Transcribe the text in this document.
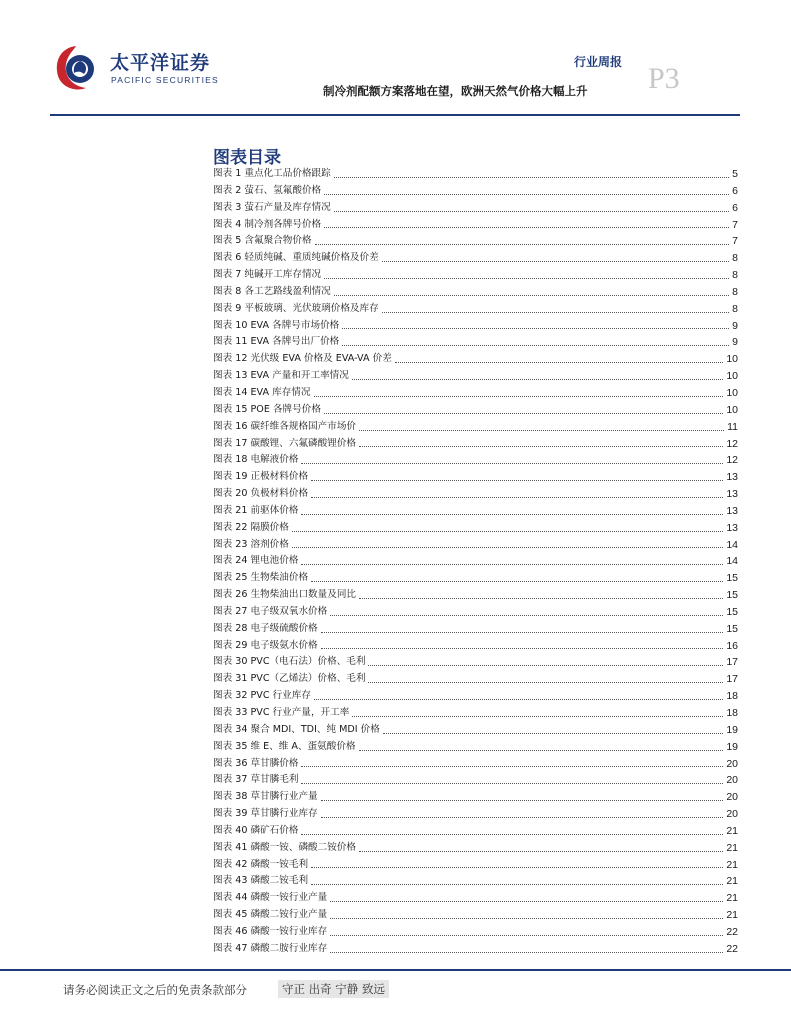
太平洋证券
PACIFIC SECURITIES
行业周报
制冷剂配额方案落地在望，欧洲天然气价格大幅上升 P3
图表目录
图表 1 重点化工品价格跟踪	5
图表 2 萤石、氢氟酸价格	6
图表 3 萤石产量及库存情况	6
图表 4 制冷剂各牌号价格	7
图表 5 含氟聚合物价格	7
图表 6 轻质纯碱、重质纯碱价格及价差	8
图表 7 纯碱开工库存情况	8
图表 8 各工艺路线盈利情况	8
图表 9 平板玻璃、光伏玻璃价格及库存	8
图表 10 EVA 各牌号市场价格	9
图表 11 EVA 各牌号出厂价格	9
图表 12 光伏级 EVA 价格及 EVA-VA 价差	10
图表 13 EVA 产量和开工率情况	10
图表 14 EVA 库存情况	10
图表 15 POE 各牌号价格	10
图表 16 碳纤维各规格国产市场价	11
图表 17 碳酸锂、六氟磷酸锂价格	12
图表 18 电解液价格	12
图表 19 正极材料价格	13
图表 20 负极材料价格	13
图表 21 前驱体价格	13
图表 22 隔膜价格	13
图表 23 溶剂价格	14
图表 24 锂电池价格	14
图表 25 生物柴油价格	15
图表 26 生物柴油出口数量及同比	15
图表 27 电子级双氧水价格	15
图表 28 电子级硫酸价格	15
图表 29 电子级氨水价格	16
图表 30 PVC（电石法）价格、毛利	17
图表 31 PVC（乙烯法）价格、毛利	17
图表 32 PVC 行业库存	18
图表 33 PVC 行业产量，开工率	18
图表 34 聚合 MDI、TDI、纯 MDI 价格	19
图表 35 维 E、维 A、蛋氨酸价格	19
图表 36 草甘膦价格	20
图表 37 草甘膦毛利	20
图表 38 草甘膦行业产量	20
图表 39 草甘膦行业库存	20
图表 40 磷矿石价格	21
图表 41 磷酸一铵、磷酸二铵价格	21
图表 42 磷酸一铵毛利	21
图表 43 磷酸二铵毛利	21
图表 44 磷酸一铵行业产量	21
图表 45 磷酸二铵行业产量	21
图表 46 磷酸一铵行业库存	22
图表 47 磷酸二胺行业库存	22
请务必阅读正文之后的免责条款部分	守正 出奇 宁静 致远
